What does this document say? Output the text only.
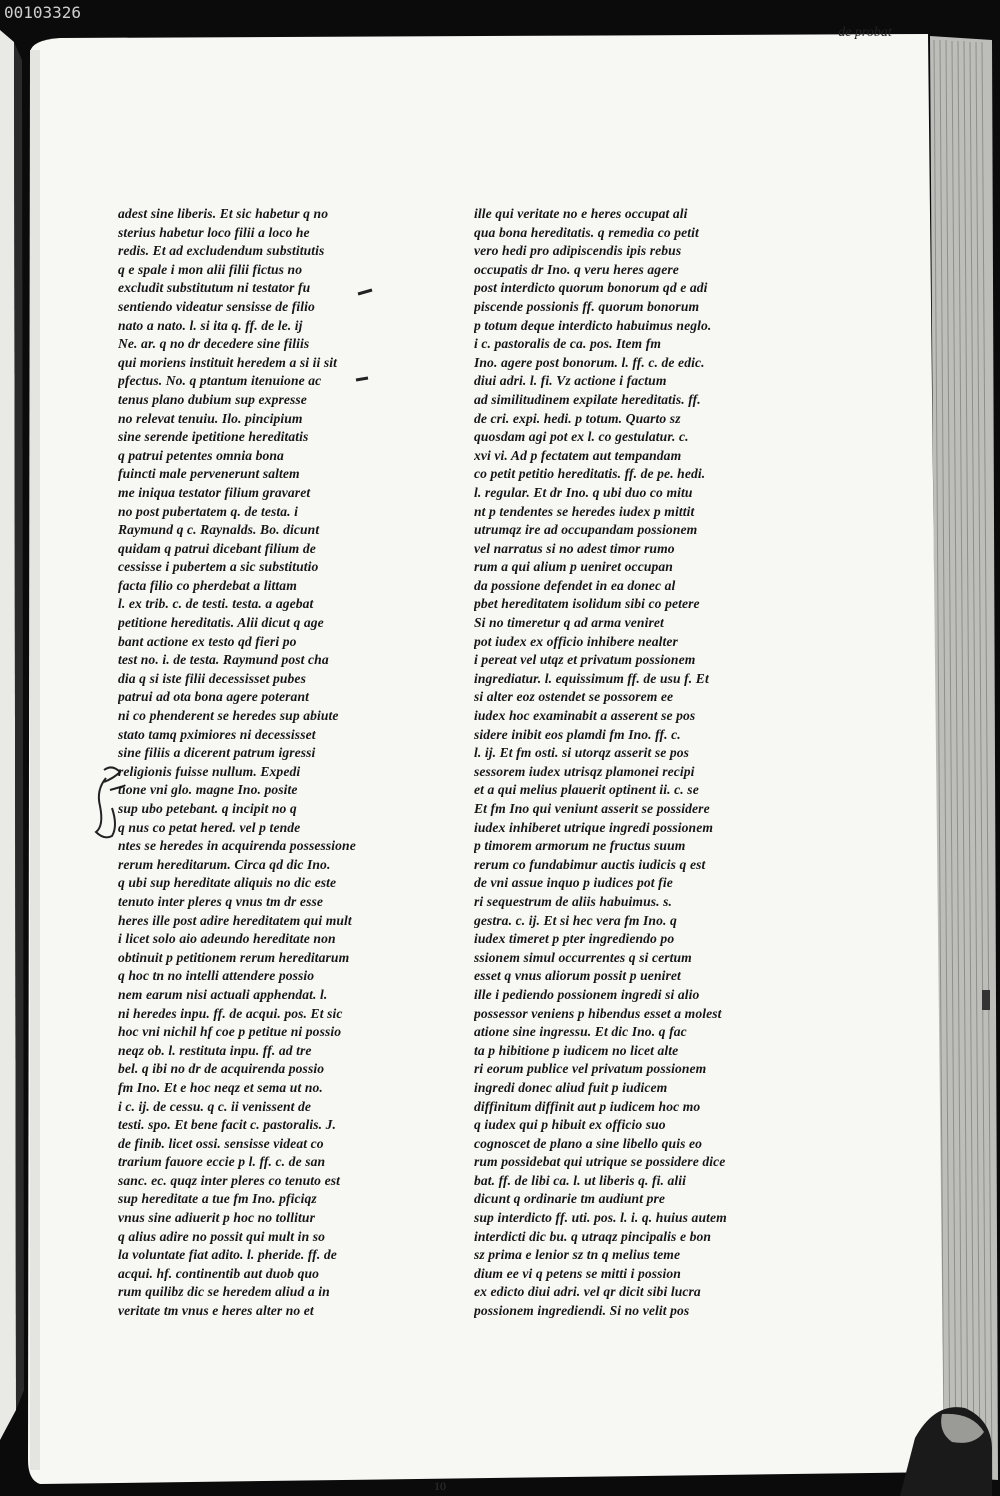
00103326
de probat
adest sine liberis. Et sic habetur q no
sterius habetur loco filii a loco he
redis. Et ad excludendum substitutis
q e spale i mon alii filii fictus no
excludit substitutum ni testator fu
sentiendo videatur sensisse de filio
nato a nato. l. si ita q. ff. de le. ij
Ne. ar. q no dr decedere sine filiis
qui moriens instituit heredem a si ii sit
pfectus. No. q ptantum itenuione ac
tenus plano dubium sup expresse
no relevat tenuiu. Ilo. pincipium
sine serende ipetitione hereditatis
q patrui petentes omnia bona
fuincti male pervenerunt saltem
me iniqua testator filium gravaret
no post pubertatem q. de testa. i
Raymund q c. Raynalds. Bo. dicunt
quidam q patrui dicebant filium de
cessisse i pubertem a sic substitutio
facta filio co pherdebat a littam
l. ex trib. c. de testi. testa. a agebat
petitione hereditatis. Alii dicut q age
bant actione ex testo qd fieri po
test no. i. de testa. Raymund post cha
dia q si iste filii decessisset pubes
patrui ad ota bona agere poterant
ni co phenderent se heredes sup abiute
stato tamq pximiores ni decessisset
sine filiis a dicerent patrum igressi
religionis fuisse nullum. Expedi
tione vni glo. magne Ino. posite
sup ubo petebant. q incipit no q
q nus co petat hered. vel p tende
ntes se heredes in acquirenda possessione
rerum hereditarum. Circa qd dic Ino.
q ubi sup hereditate aliquis no dic este
tenuto inter pleres q vnus tm dr esse
heres ille post adire hereditatem qui mult
i licet solo aio adeundo hereditate non
obtinuit p petitionem rerum hereditarum
q hoc tn no intelli attendere possio
nem earum nisi actuali apphendat. l.
ni heredes inpu. ff. de acqui. pos. Et sic
hoc vni nichil hf coe p petitue ni possio
neqz ob. l. restituta inpu. ff. ad tre
bel. q ibi no dr de acquirenda possio
fm Ino. Et e hoc neqz et sema ut no.
i c. ij. de cessu. q c. ii venissent de
testi. spo. Et bene facit c. pastoralis. J.
de finib. licet ossi. sensisse videat co
trarium fauore eccie p l. ff. c. de san
sanc. ec. quqz inter pleres co tenuto est
sup hereditate a tue fm Ino. pficiqz
vnus sine adiuerit p hoc no tollitur
q alius adire no possit qui mult in so
la voluntate fiat adito. l. pheride. ff. de
acqui. hf. continentib aut duob quo
rum quilibz dic se heredem aliud a in
veritate tm vnus e heres alter no et
ille qui veritate no e heres occupat ali
qua bona hereditatis. q remedia co petit
vero hedi pro adipiscendis ipis rebus
occupatis dr Ino. q veru heres agere
post interdicto quorum bonorum qd e adi
piscende possionis ff. quorum bonorum
p totum deque interdicto habuimus neglo.
i c. pastoralis de ca. pos. Item fm
Ino. agere post bonorum. l. ff. c. de edic.
diui adri. l. fi. Vz actione i factum
ad similitudinem expilate hereditatis. ff.
de cri. expi. hedi. p totum. Quarto sz
quosdam agi pot ex l. co gestulatur. c.
xvi vi. Ad p fectatem aut tempandam
co petit petitio hereditatis. ff. de pe. hedi.
l. regular. Et dr Ino. q ubi duo co mitu
nt p tendentes se heredes iudex p mittit
utrumqz ire ad occupandam possionem
vel narratus si no adest timor rumo
rum a qui alium p ueniret occupan
da possione defendet in ea donec al
pbet hereditatem isolidum sibi co petere
Si no timeretur q ad arma veniret
pot iudex ex officio inhibere nealter
i pereat vel utqz et privatum possionem
ingrediatur. l. equissimum ff. de usu f. Et
si alter eoz ostendet se possorem ee
iudex hoc examinabit a asserent se pos
sidere inibit eos plamdi fm Ino. ff. c.
l. ij. Et fm osti. si utorqz asserit se pos
sessorem iudex utrisqz plamonei recipi
et a qui melius plauerit optinent ii. c. se
Et fm Ino qui veniunt asserit se possidere
iudex inhiberet utrique ingredi possionem
p timorem armorum ne fructus suum
rerum co fundabimur auctis iudicis q est
de vni assue inquo p iudices pot fie
ri sequestrum de aliis habuimus. s.
gestra. c. ij. Et si hec vera fm Ino. q
iudex timeret p pter ingrediendo po
ssionem simul occurrentes q si certum
esset q vnus aliorum possit p ueniret
ille i pediendo possionem ingredi si alio
possessor veniens p hibendus esset a molest
atione sine ingressu. Et dic Ino. q fac
ta p hibitione p iudicem no licet alte
ri eorum publice vel privatum possionem
ingredi donec aliud fuit p iudicem
diffinitum diffinit aut p iudicem hoc mo
q iudex qui p hibuit ex officio suo
cognoscet de plano a sine libello quis eo
rum possidebat qui utrique se possidere dice
bat. ff. de libi ca. l. ut liberis q. fi. alii
dicunt q ordinarie tm audiunt pre
sup interdicto ff. uti. pos. l. i. q. huius autem
interdicti dic bu. q utraqz pincipalis e bon
sz prima e lenior sz tn q melius teme
dium ee vi q petens se mitti i possion
ex edicto diui adri. vel qr dicit sibi lucra
possionem ingrediendi. Si no velit pos
10
